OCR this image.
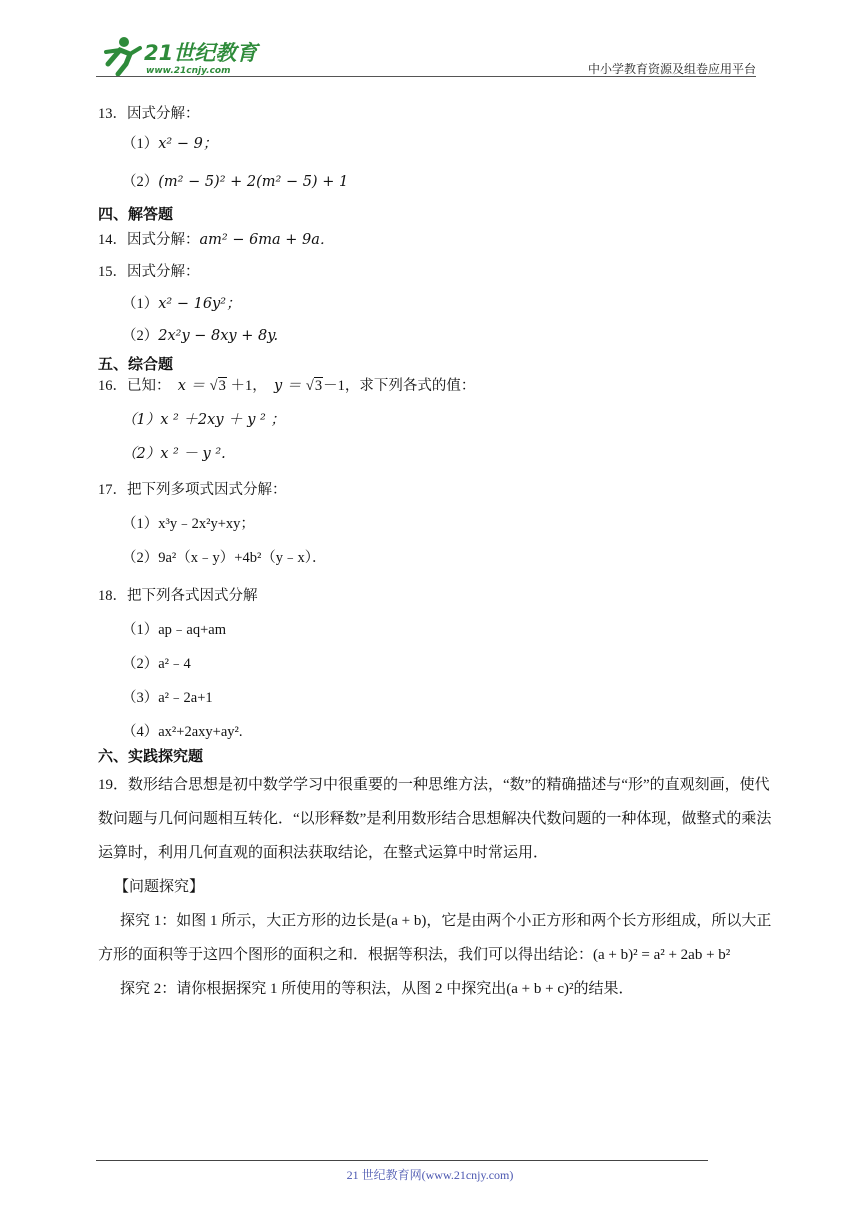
21世纪教育
www.21cnjy.com	中小学教育资源及组卷应用平台
13．因式分解：
（1）x² − 9；
（2）(m² − 5)² + 2(m² − 5) + 1
四、解答题
14．因式分解：am² − 6ma + 9a．
15．因式分解：
（1）x² − 16y²；
（2）2x²y − 8xy + 8y.
五、综合题
16．已知： x ＝ √3 ＋1， y ＝ √3－1，求下列各式的值：
（1）x ² ＋2xy ＋ y ² ；
（2）x ² － y ².
17．把下列多项式因式分解：
（1）x³y﹣2x²y+xy；
（2）9a²（x﹣y）+4b²（y﹣x）．
18．把下列各式因式分解
（1）ap﹣aq+am
（2）a²﹣4
（3）a²﹣2a+1
（4）ax²+2axy+ay².
六、实践探究题
19．数形结合思想是初中数学学习中很重要的一种思维方法，“数”的精确描述与“形”的直观刻画，使代数问题与几何问题相互转化．“以形释数”是利用数形结合思想解决代数问题的一种体现，做整式的乘法运算时，利用几何直观的面积法获取结论，在整式运算中时常运用．
【问题探究】
探究 1：如图 1 所示，大正方形的边长是(a + b)，它是由两个小正方形和两个长方形组成，所以大正方形的面积等于这四个图形的面积之和．根据等积法，我们可以得出结论：(a + b)² = a² + 2ab + b²
探究 2：请你根据探究 1 所使用的等积法，从图 2 中探究出(a + b + c)²的结果．
21 世纪教育网(www.21cnjy.com)
